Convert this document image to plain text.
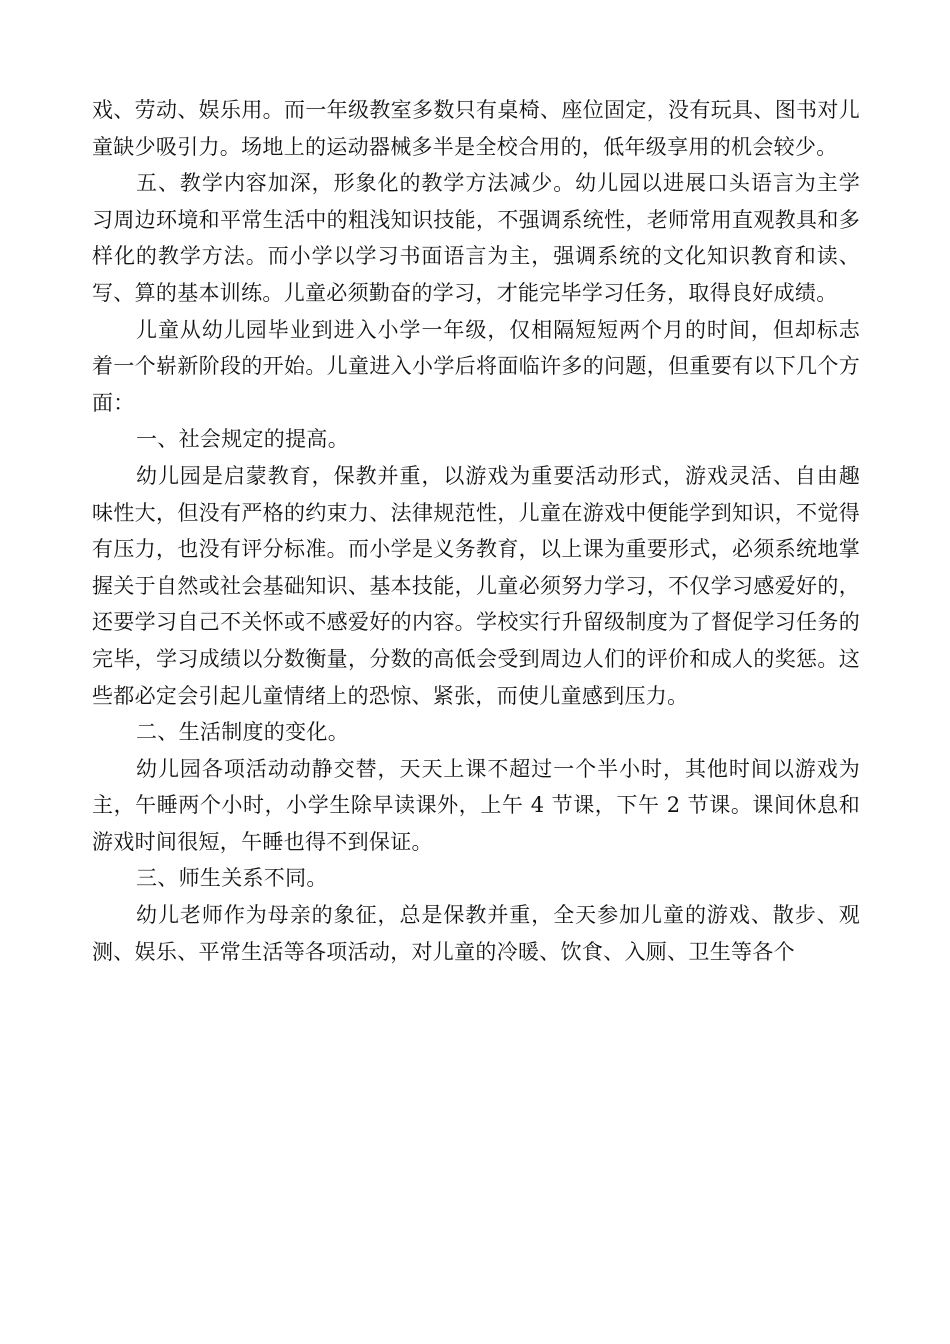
戏、劳动、娱乐用。而一年级教室多数只有桌椅、座位固定，没有玩具、图书对儿童缺少吸引力。场地上的运动器械多半是全校合用的，低年级享用的机会较少。

五、教学内容加深，形象化的教学方法减少。幼儿园以进展口头语言为主学习周边环境和平常生活中的粗浅知识技能，不强调系统性，老师常用直观教具和多样化的教学方法。而小学以学习书面语言为主，强调系统的文化知识教育和读、写、算的基本训练。儿童必须勤奋的学习，才能完毕学习任务，取得良好成绩。

儿童从幼儿园毕业到进入小学一年级，仅相隔短短两个月的时间，但却标志着一个崭新阶段的开始。儿童进入小学后将面临许多的问题，但重要有以下几个方面：

一、社会规定的提高。

幼儿园是启蒙教育，保教并重，以游戏为重要活动形式，游戏灵活、自由趣味性大，但没有严格的约束力、法律规范性，儿童在游戏中便能学到知识，不觉得有压力，也没有评分标准。而小学是义务教育，以上课为重要形式，必须系统地掌握关于自然或社会基础知识、基本技能，儿童必须努力学习，不仅学习感爱好的，还要学习自己不关怀或不感爱好的内容。学校实行升留级制度为了督促学习任务的完毕，学习成绩以分数衡量，分数的高低会受到周边人们的评价和成人的奖惩。这些都必定会引起儿童情绪上的恐惊、紧张，而使儿童感到压力。

二、生活制度的变化。

幼儿园各项活动动静交替，天天上课不超过一个半小时，其他时间以游戏为主，午睡两个小时，小学生除早读课外，上午 4 节课，下午 2 节课。课间休息和游戏时间很短，午睡也得不到保证。

三、师生关系不同。

幼儿老师作为母亲的象征，总是保教并重，全天参加儿童的游戏、散步、观测、娱乐、平常生活等各项活动，对儿童的冷暖、饮食、入厕、卫生等各个
